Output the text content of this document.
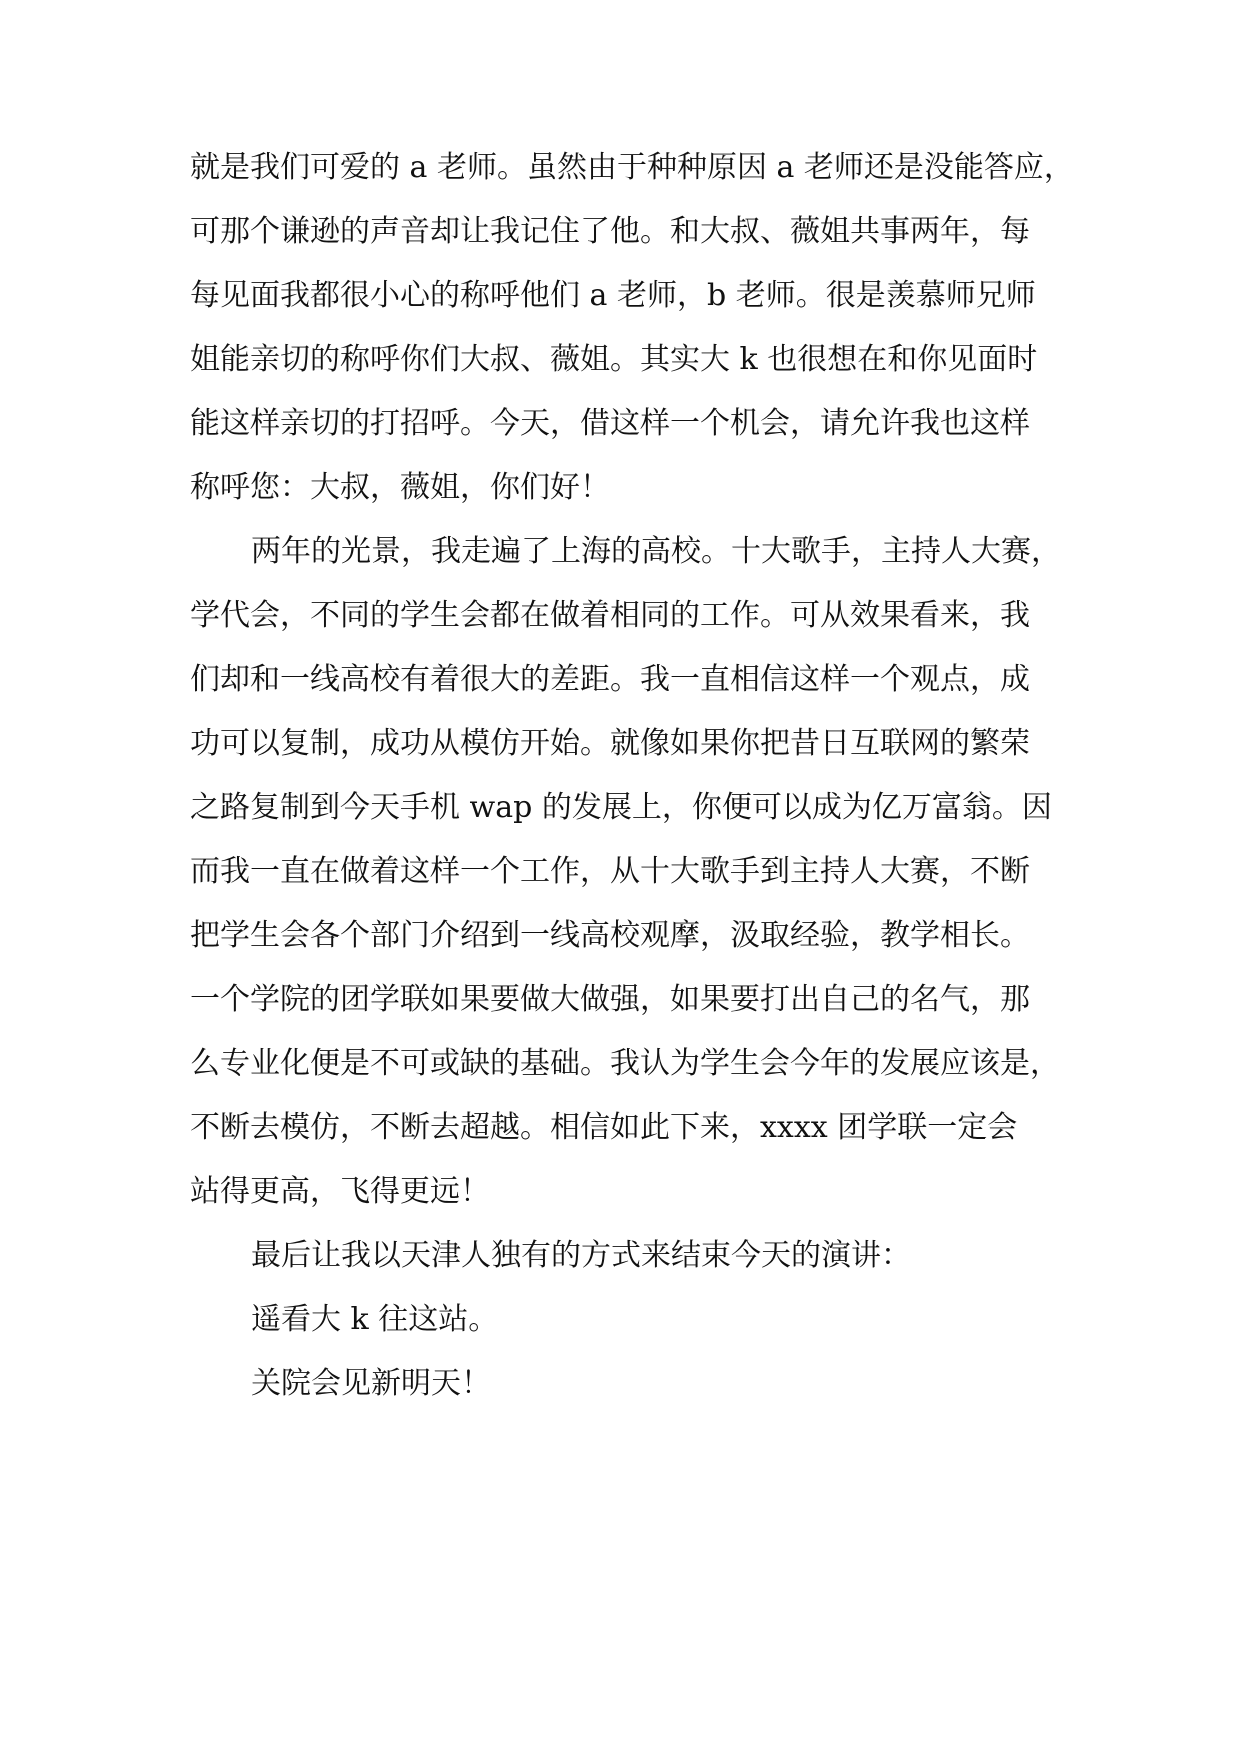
就是我们可爱的 a 老师。虽然由于种种原因 a 老师还是没能答应，
可那个谦逊的声音却让我记住了他。和大叔、薇姐共事两年，每
每见面我都很小心的称呼他们 a 老师，b 老师。很是羡慕师兄师
姐能亲切的称呼你们大叔、薇姐。其实大 k 也很想在和你见面时
能这样亲切的打招呼。今天，借这样一个机会，请允许我也这样
称呼您：大叔，薇姐，你们好！
两年的光景，我走遍了上海的高校。十大歌手，主持人大赛，
学代会，不同的学生会都在做着相同的工作。可从效果看来，我
们却和一线高校有着很大的差距。我一直相信这样一个观点，成
功可以复制，成功从模仿开始。就像如果你把昔日互联网的繁荣
之路复制到今天手机 wap 的发展上，你便可以成为亿万富翁。因
而我一直在做着这样一个工作，从十大歌手到主持人大赛，不断
把学生会各个部门介绍到一线高校观摩，汲取经验，教学相长。
一个学院的团学联如果要做大做强，如果要打出自己的名气，那
么专业化便是不可或缺的基础。我认为学生会今年的发展应该是，
不断去模仿，不断去超越。相信如此下来，xxxx 团学联一定会
站得更高，飞得更远！
最后让我以天津人独有的方式来结束今天的演讲：
遥看大 k 往这站。
关院会见新明天！
